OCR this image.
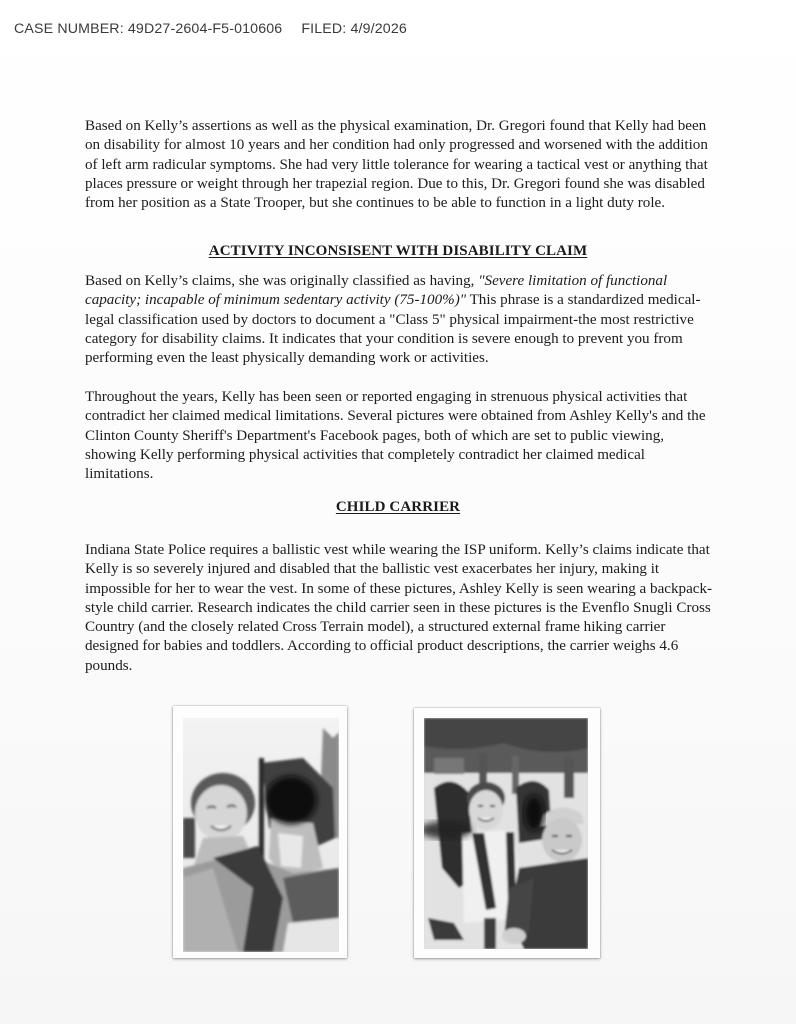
CASE NUMBER: 49D27-2604-F5-010606 FILED: 4/9/2026

Based on Kelly’s assertions as well as the physical examination, Dr. Gregori found that Kelly had been on disability for almost 10 years and her condition had only progressed and worsened with the addition of left arm radicular symptoms. She had very little tolerance for wearing a tactical vest or anything that places pressure or weight through her trapezial region. Due to this, Dr. Gregori found she was disabled from her position as a State Trooper, but she continues to be able to function in a light duty role.

ACTIVITY INCONSISENT WITH DISABILITY CLAIM

Based on Kelly’s claims, she was originally classified as having, "Severe limitation of functional capacity; incapable of minimum sedentary activity (75-100%)" This phrase is a standardized medical-legal classification used by doctors to document a "Class 5" physical impairment-the most restrictive category for disability claims. It indicates that your condition is severe enough to prevent you from performing even the least physically demanding work or activities.

Throughout the years, Kelly has been seen or reported engaging in strenuous physical activities that contradict her claimed medical limitations. Several pictures were obtained from Ashley Kelly's and the Clinton County Sheriff's Department's Facebook pages, both of which are set to public viewing, showing Kelly performing physical activities that completely contradict her claimed medical limitations.

CHILD CARRIER

Indiana State Police requires a ballistic vest while wearing the ISP uniform. Kelly’s claims indicate that Kelly is so severely injured and disabled that the ballistic vest exacerbates her injury, making it impossible for her to wear the vest. In some of these pictures, Ashley Kelly is seen wearing a backpack-style child carrier. Research indicates the child carrier seen in these pictures is the Evenflo Snugli Cross Country (and the closely related Cross Terrain model), a structured external frame hiking carrier designed for babies and toddlers. According to official product descriptions, the carrier weighs 4.6 pounds.
